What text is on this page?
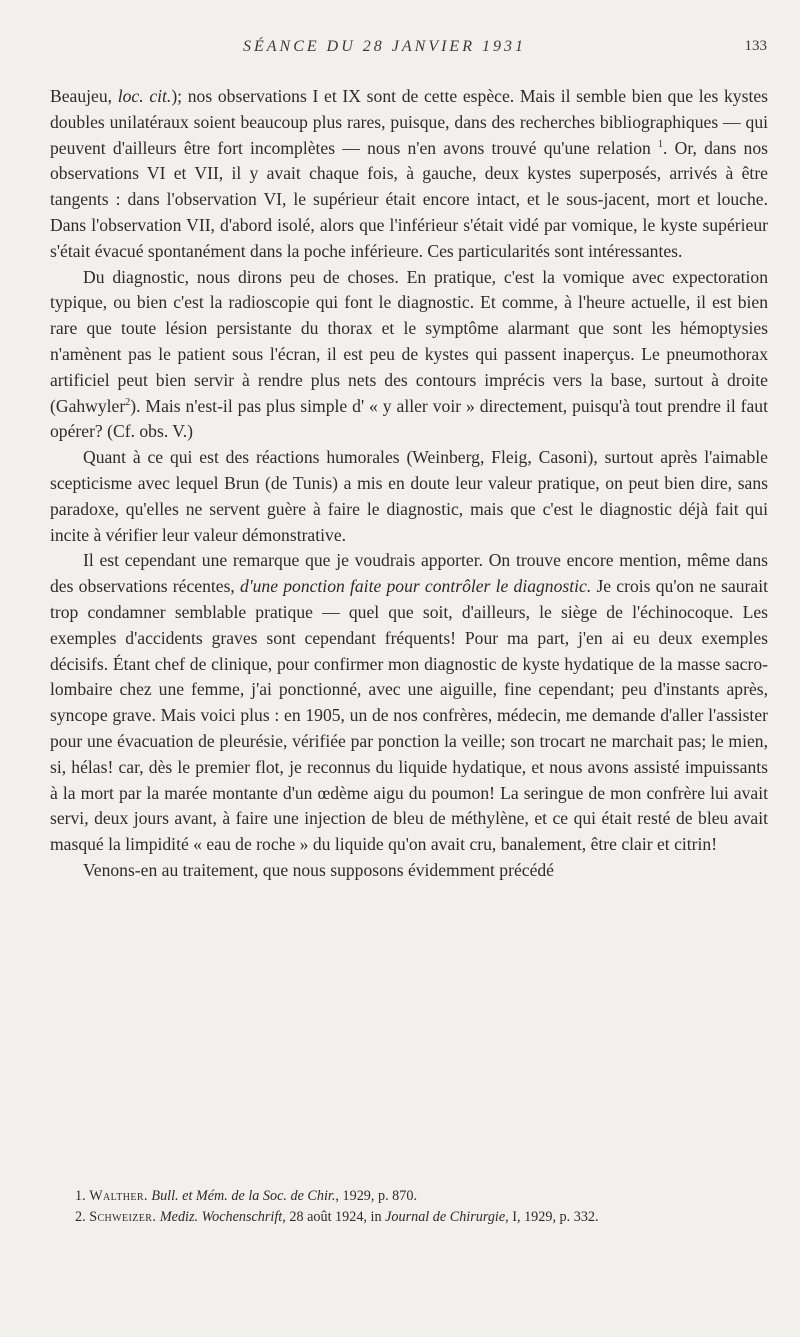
SÉANCE DU 28 JANVIER 1931	133

Beaujeu, loc. cit.); nos observations I et IX sont de cette espèce. Mais il semble bien que les kystes doubles unilatéraux soient beaucoup plus rares, puisque, dans des recherches bibliographiques — qui peuvent d'ailleurs être fort incomplètes — nous n'en avons trouvé qu'une relation $^1$. Or, dans nos observations VI et VII, il y avait chaque fois, à gauche, deux kystes superposés, arrivés à être tangents : dans l'observation VI, le supérieur était encore intact, et le sous-jacent, mort et louche. Dans l'observation VII, d'abord isolé, alors que l'inférieur s'était vidé par vomique, le kyste supérieur s'était évacué spontanément dans la poche inférieure. Ces particularités sont intéressantes.

Du diagnostic, nous dirons peu de choses. En pratique, c'est la vomique avec expectoration typique, ou bien c'est la radioscopie qui font le diagnostic. Et comme, à l'heure actuelle, il est bien rare que toute lésion persistante du thorax et le symptôme alarmant que sont les hémoptysies n'amènent pas le patient sous l'écran, il est peu de kystes qui passent inaperçus. Le pneumothorax artificiel peut bien servir à rendre plus nets des contours imprécis vers la base, surtout à droite (Gahwyler$^2$). Mais n'est-il pas plus simple d' « y aller voir » directement, puisqu'à tout prendre il faut opérer? (Cf. obs. V.)

Quant à ce qui est des réactions humorales (Weinberg, Fleig, Casoni), surtout après l'aimable scepticisme avec lequel Brun (de Tunis) a mis en doute leur valeur pratique, on peut bien dire, sans paradoxe, qu'elles ne servent guère à faire le diagnostic, mais que c'est le diagnostic déjà fait qui incite à vérifier leur valeur démonstrative.

Il est cependant une remarque que je voudrais apporter. On trouve encore mention, même dans des observations récentes, d'une ponction faite pour contrôler le diagnostic. Je crois qu'on ne saurait trop condamner semblable pratique — quel que soit, d'ailleurs, le siège de l'échinocoque. Les exemples d'accidents graves sont cependant fréquents! Pour ma part, j'en ai eu deux exemples décisifs. Étant chef de clinique, pour confirmer mon diagnostic de kyste hydatique de la masse sacro-lombaire chez une femme, j'ai ponctionné, avec une aiguille, fine cependant; peu d'instants après, syncope grave. Mais voici plus : en 1905, un de nos confrères, médecin, me demande d'aller l'assister pour une évacuation de pleurésie, vérifiée par ponction la veille; son trocart ne marchait pas; le mien, si, hélas! car, dès le premier flot, je reconnus du liquide hydatique, et nous avons assisté impuissants à la mort par la marée montante d'un œdème aigu du poumon! La seringue de mon confrère lui avait servi, deux jours avant, à faire une injection de bleu de méthylène, et ce qui était resté de bleu avait masqué la limpidité « eau de roche » du liquide qu'on avait cru, banalement, être clair et citrin!

Venons-en au traitement, que nous supposons évidemment précédé

1. Walther. Bull. et Mém. de la Soc. de Chir., 1929, p. 870.

2. Schweizer. Mediz. Wochenschrift, 28 août 1924, in Journal de Chirurgie, I, 1929, p. 332.
